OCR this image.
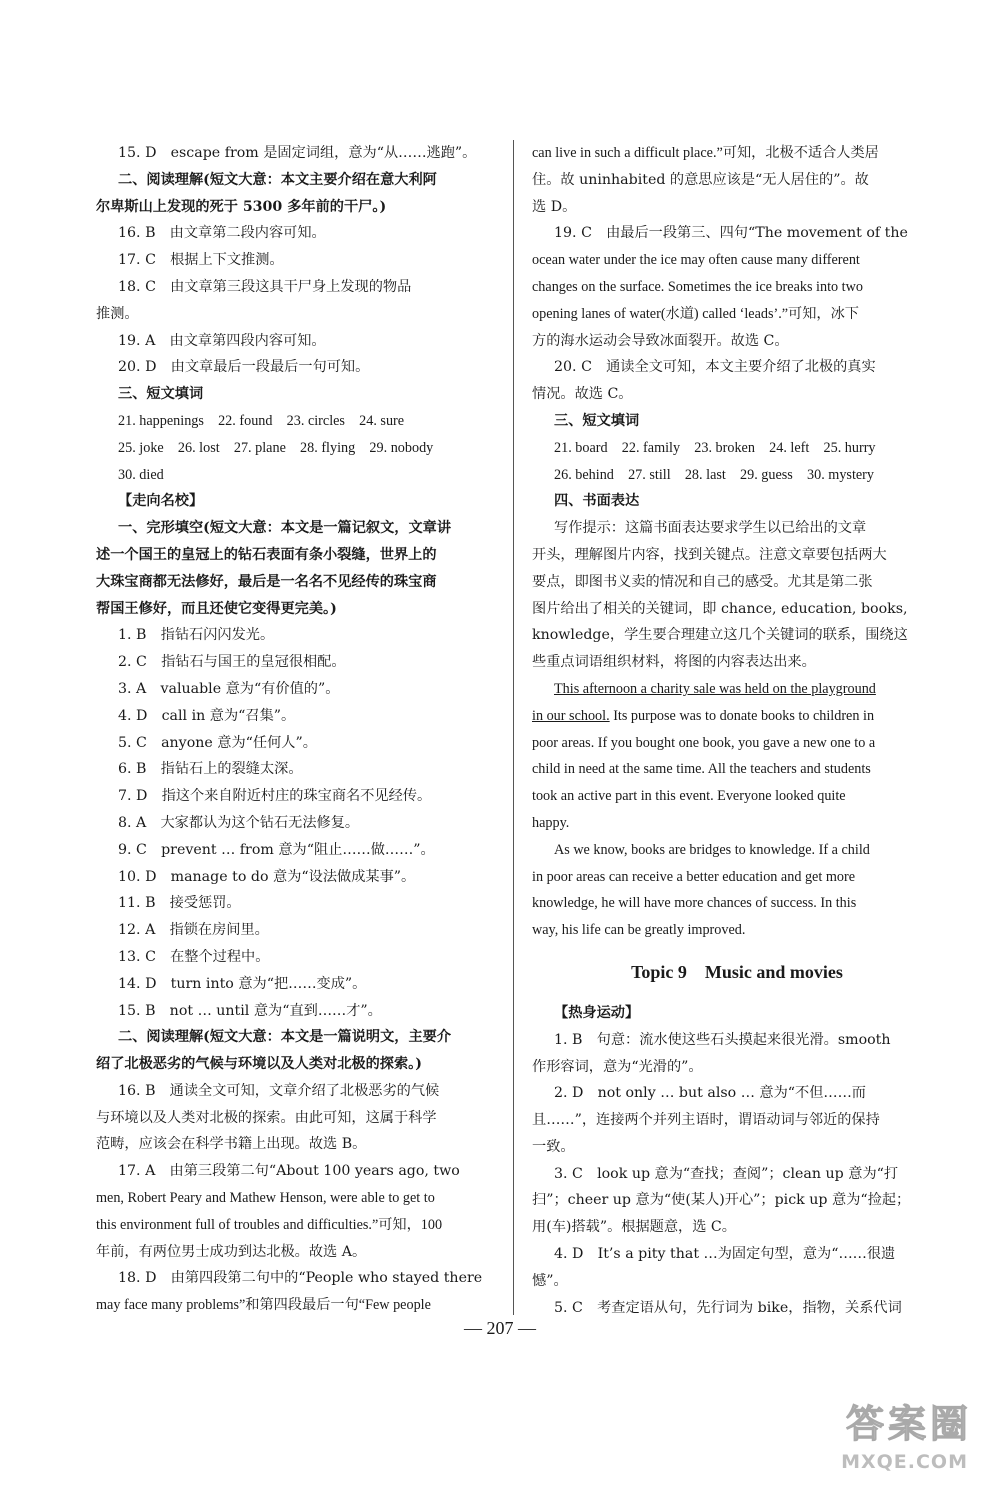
15. D　escape from 是固定词组，意为“从……逃跑”。
二、阅读理解(短文大意：本文主要介绍在意大利阿
尔卑斯山上发现的死于 5300 多年前的干尸。)
16. B　由文章第二段内容可知。
17. C　根据上下文推测。
18. C　由文章第三段这具干尸身上发现的物品
推测。
19. A　由文章第四段内容可知。
20. D　由文章最后一段最后一句可知。
三、短文填词
21. happenings　22. found　23. circles　24. sure
25. joke　26. lost　27. plane　28. flying　29. nobody
30. died
【走向名校】
一、完形填空(短文大意：本文是一篇记叙文，文章讲
述一个国王的皇冠上的钻石表面有条小裂缝，世界上的
大珠宝商都无法修好，最后是一名名不见经传的珠宝商
帮国王修好，而且还使它变得更完美。)
1. B　指钻石闪闪发光。
2. C　指钻石与国王的皇冠很相配。
3. A　valuable 意为“有价值的”。
4. D　call in 意为“召集”。
5. C　anyone 意为“任何人”。
6. B　指钻石上的裂缝太深。
7. D　指这个来自附近村庄的珠宝商名不见经传。
8. A　大家都认为这个钻石无法修复。
9. C　prevent … from 意为“阻止……做……”。
10. D　manage to do 意为“设法做成某事”。
11. B　接受惩罚。
12. A　指锁在房间里。
13. C　在整个过程中。
14. D　turn into 意为“把……变成”。
15. B　not … until 意为“直到……才”。
二、阅读理解(短文大意：本文是一篇说明文，主要介
绍了北极恶劣的气候与环境以及人类对北极的探索。)
16. B　通读全文可知，文章介绍了北极恶劣的气候
与环境以及人类对北极的探索。由此可知，这属于科学
范畴，应该会在科学书籍上出现。故选 B。
17. A　由第三段第二句“About 100 years ago, two
men, Robert Peary and Mathew Henson, were able to get to
this environment full of troubles and difficulties.”可知，100
年前，有两位男士成功到达北极。故选 A。
18. D　由第四段第二句中的“People who stayed there
may face many problems”和第四段最后一句“Few people
can live in such a difficult place.”可知，北极不适合人类居
住。故 uninhabited 的意思应该是“无人居住的”。故
选 D。
19. C　由最后一段第三、四句“The movement of the
ocean water under the ice may often cause many different
changes on the surface. Sometimes the ice breaks into two
opening lanes of water(水道) called ‘leads’.”可知，冰下
方的海水运动会导致冰面裂开。故选 C。
20. C　通读全文可知，本文主要介绍了北极的真实
情况。故选 C。
三、短文填词
21. board　22. family　23. broken　24. left　25. hurry
26. behind　27. still　28. last　29. guess　30. mystery
四、书面表达
写作提示：这篇书面表达要求学生以已给出的文章
开头，理解图片内容，找到关键点。注意文章要包括两大
要点，即图书义卖的情况和自己的感受。尤其是第二张
图片给出了相关的关键词，即 chance, education, books,
knowledge，学生要合理建立这几个关键词的联系，围绕这
些重点词语组织材料，将图的内容表达出来。
This afternoon a charity sale was held on the playground
in our school. Its purpose was to donate books to children in
poor areas. If you bought one book, you gave a new one to a
child in need at the same time. All the teachers and students
took an active part in this event. Everyone looked quite
happy.
As we know, books are bridges to knowledge. If a child
in poor areas can receive a better education and get more
knowledge, he will have more chances of success. In this
way, his life can be greatly improved.
Topic 9　Music and movies
【热身运动】
1. B　句意：流水使这些石头摸起来很光滑。smooth
作形容词，意为“光滑的”。
2. D　not only … but also … 意为“不但……而
且……”，连接两个并列主语时，谓语动词与邻近的保持
一致。
3. C　look up 意为“查找；查阅”；clean up 意为“打
扫”；cheer up 意为“使(某人)开心”；pick up 意为“捡起；
用(车)搭载”。根据题意，选 C。
4. D　It’s a pity that …为固定句型，意为“……很遗
憾”。
5. C　考查定语从句，先行词为 bike，指物，关系代词
— 207 —
答案圈
MXQE.COM
